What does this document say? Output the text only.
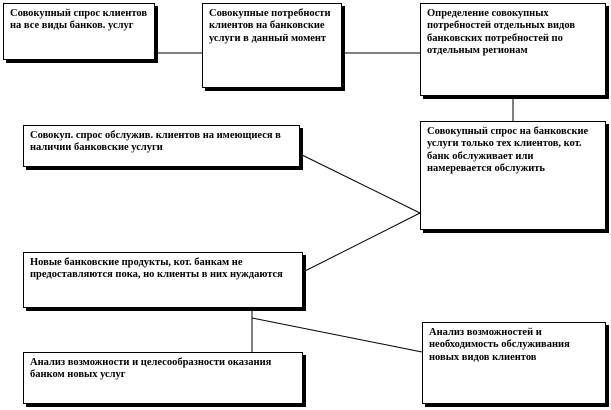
Совокупный спрос клиентов на все виды банков. услуг
Совокупные потребности клиентов на банковские услуги в данный момент
Определение совокупных потребностей отдельных видов банковских потребностей по отдельным регионам
Совокуп. спрос обслужив. клиентов на имеющиеся в наличии банковские услуги
Совокупный спрос на банковские услуги только тех клиентов, кот. банк обслуживает или намеревается обслужить
Новые банковские продукты, кот. банкам не предоставляются пока, но клиенты в них нуждаются
Анализ возможности и целесообразности оказания банком новых услуг
Анализ возможностей и необходимость обслуживания новых видов клиентов
